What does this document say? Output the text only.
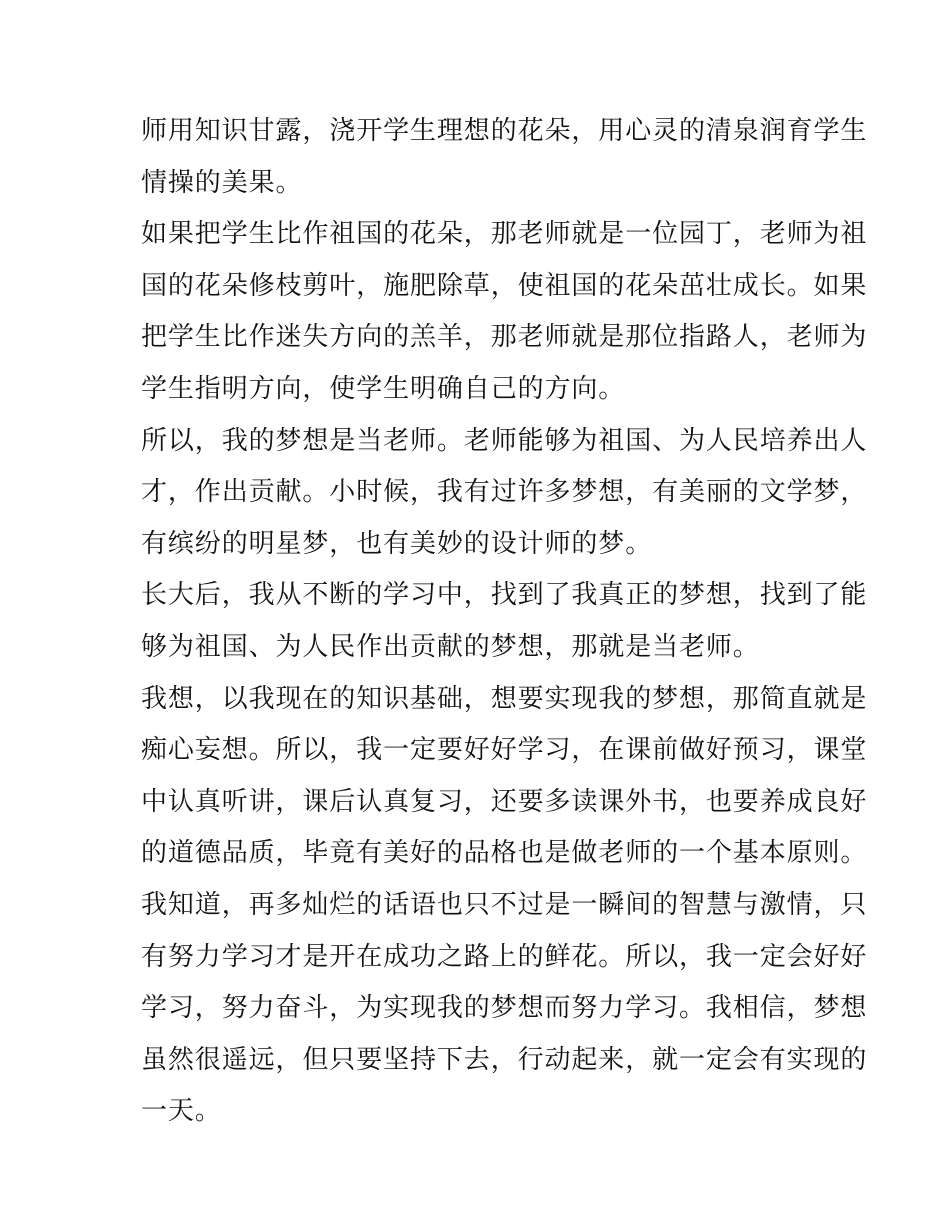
师用知识甘露，浇开学生理想的花朵，用心灵的清泉润育学生
情操的美果。
如果把学生比作祖国的花朵，那老师就是一位园丁，老师为祖
国的花朵修枝剪叶，施肥除草，使祖国的花朵茁壮成长。如果
把学生比作迷失方向的羔羊，那老师就是那位指路人，老师为
学生指明方向，使学生明确自己的方向。
所以，我的梦想是当老师。老师能够为祖国、为人民培养出人
才，作出贡献。小时候，我有过许多梦想，有美丽的文学梦，
有缤纷的明星梦，也有美妙的设计师的梦。
长大后，我从不断的学习中，找到了我真正的梦想，找到了能
够为祖国、为人民作出贡献的梦想，那就是当老师。
我想，以我现在的知识基础，想要实现我的梦想，那简直就是
痴心妄想。所以，我一定要好好学习，在课前做好预习，课堂
中认真听讲，课后认真复习，还要多读课外书，也要养成良好
的道德品质，毕竟有美好的品格也是做老师的一个基本原则。
我知道，再多灿烂的话语也只不过是一瞬间的智慧与激情，只
有努力学习才是开在成功之路上的鲜花。所以，我一定会好好
学习，努力奋斗，为实现我的梦想而努力学习。我相信，梦想
虽然很遥远，但只要坚持下去，行动起来，就一定会有实现的
一天。
